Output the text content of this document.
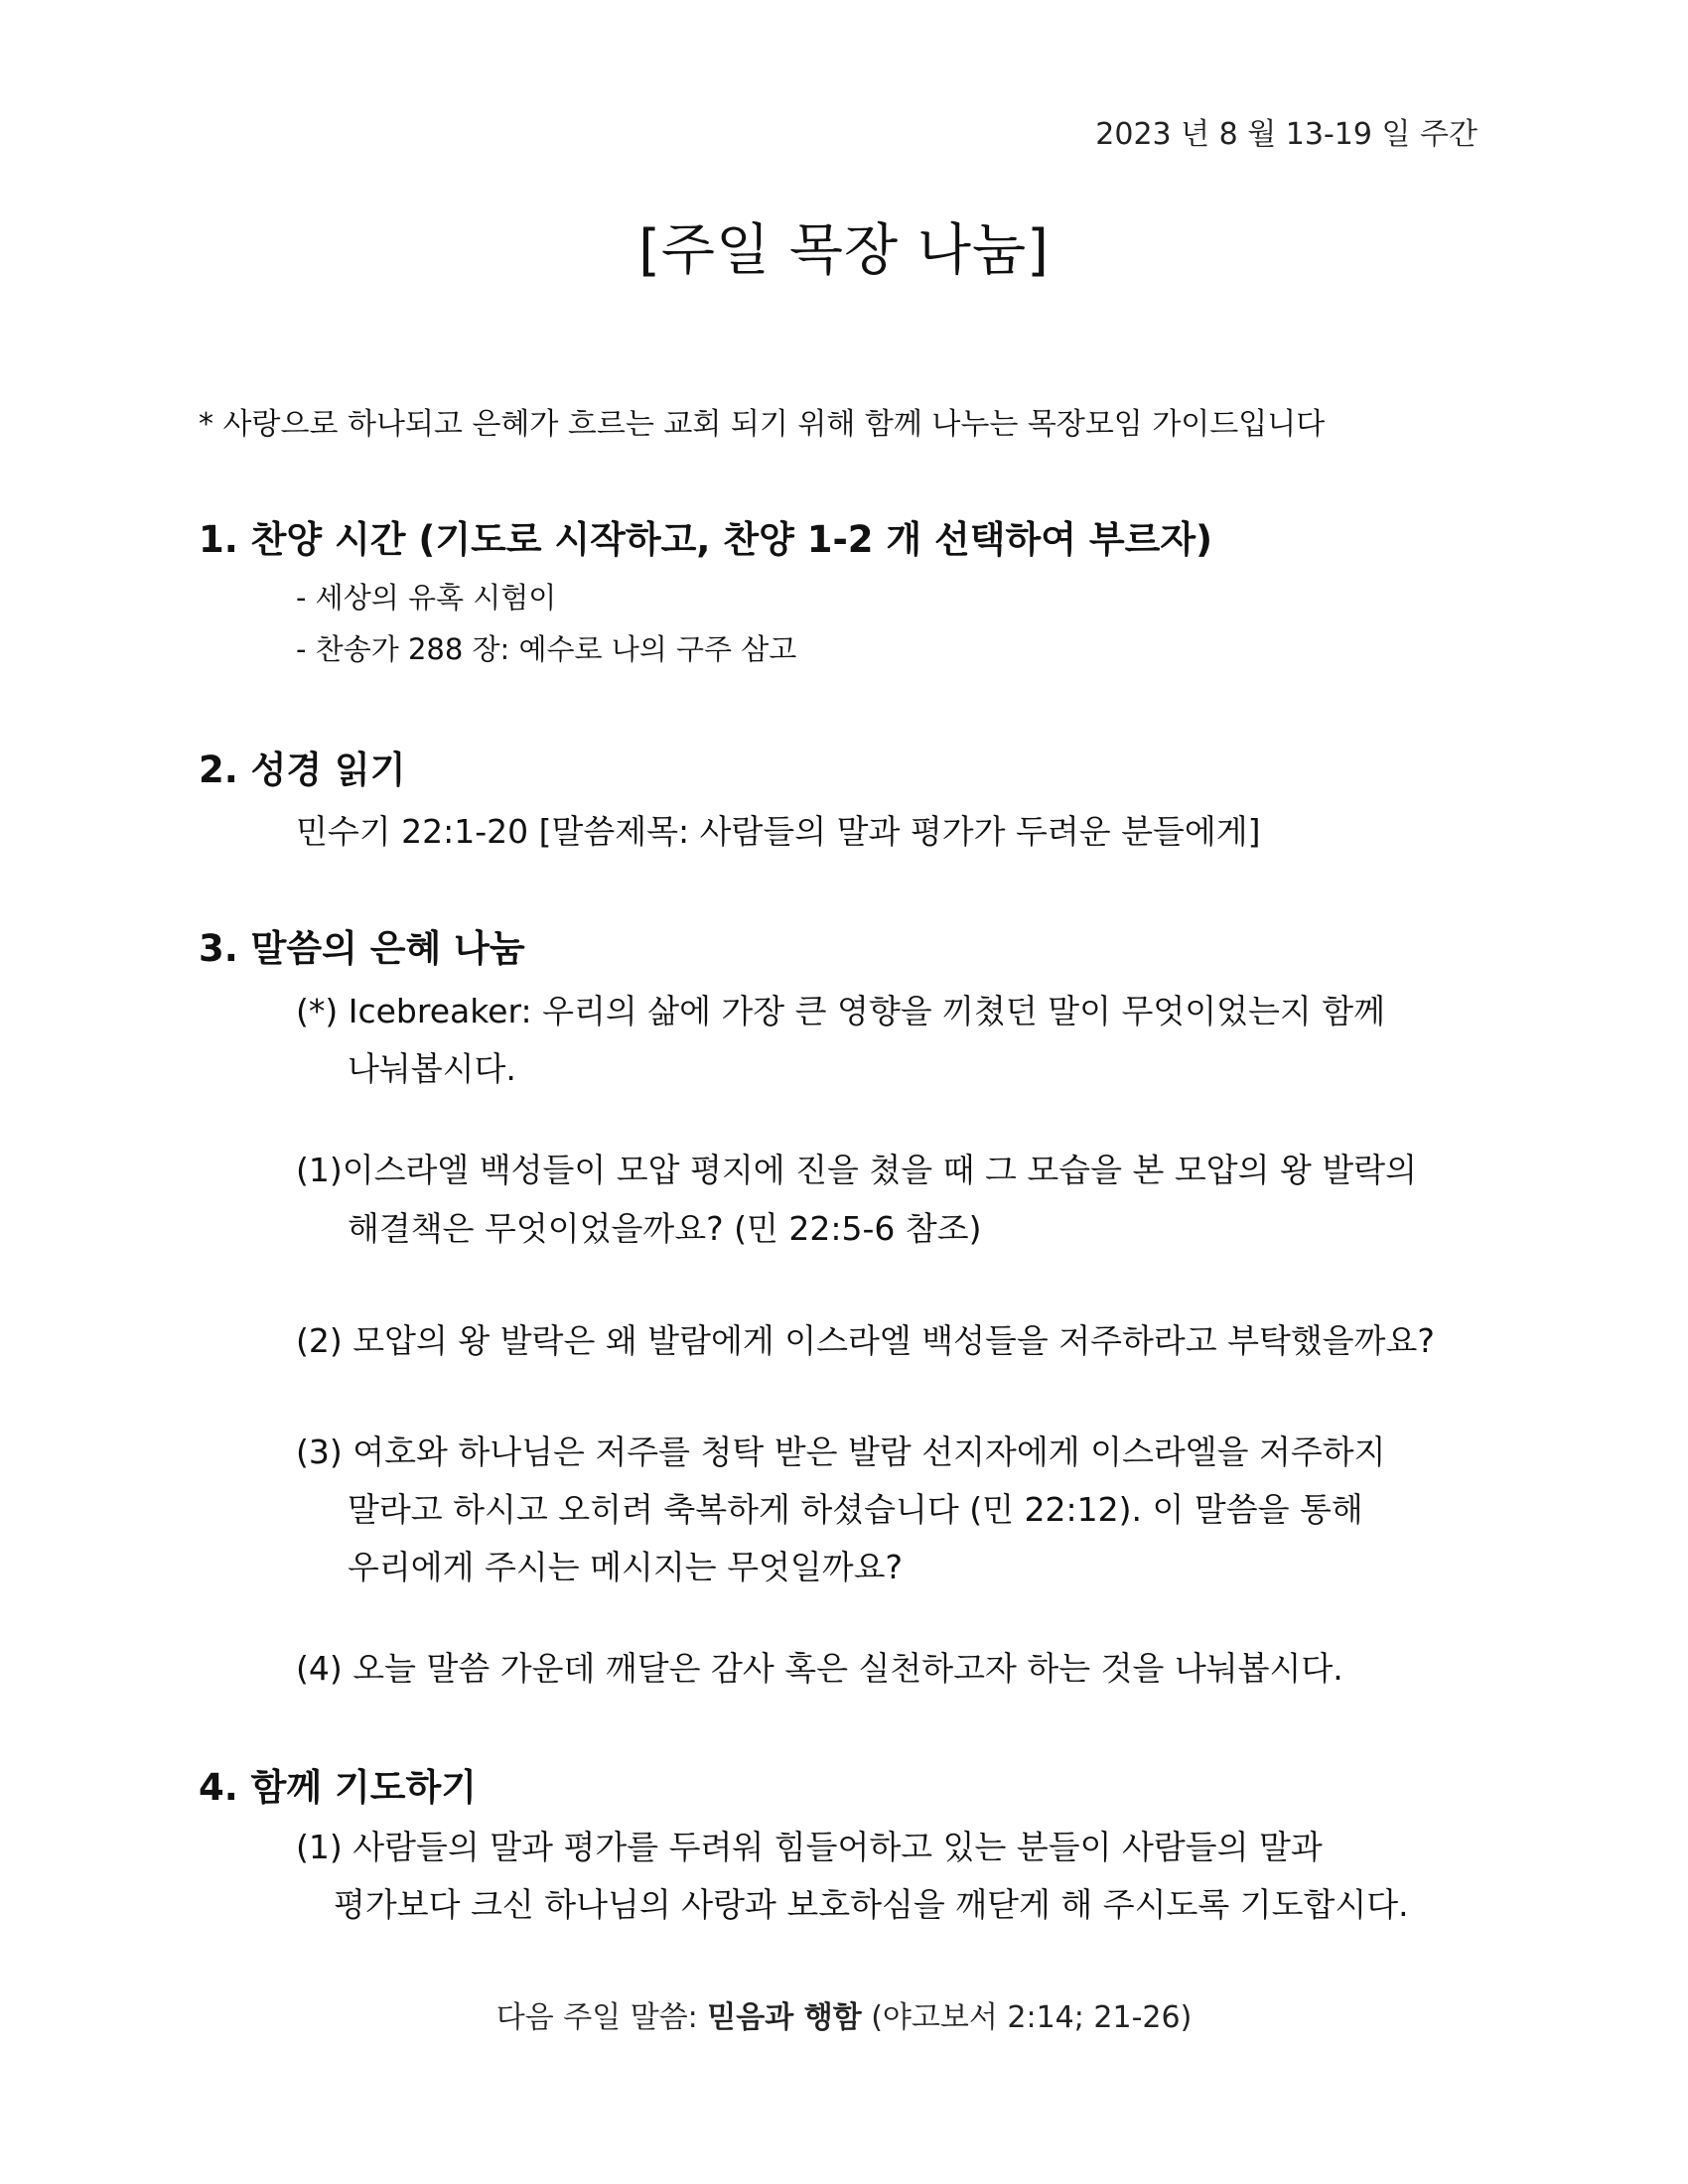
2023 년 8 월 13-19 일 주간
[주일 목장 나눔]
* 사랑으로 하나되고 은혜가 흐르는 교회 되기 위해 함께 나누는 목장모임 가이드입니다
1. 찬양 시간 (기도로 시작하고, 찬양 1-2 개 선택하여 부르자)
- 세상의 유혹 시험이
- 찬송가 288 장: 예수로 나의 구주 삼고
2. 성경 읽기
민수기 22:1-20 [말씀제목: 사람들의 말과 평가가 두려운 분들에게]
3. 말씀의 은혜 나눔
(*) Icebreaker: 우리의 삶에 가장 큰 영향을 끼쳤던 말이 무엇이었는지 함께
나눠봅시다.
(1)이스라엘 백성들이 모압 평지에 진을 쳤을 때 그 모습을 본 모압의 왕 발락의
해결책은 무엇이었을까요? (민 22:5-6 참조)
(2) 모압의 왕 발락은 왜 발람에게 이스라엘 백성들을 저주하라고 부탁했을까요?
(3) 여호와 하나님은 저주를 청탁 받은 발람 선지자에게 이스라엘을 저주하지
말라고 하시고 오히려 축복하게 하셨습니다 (민 22:12). 이 말씀을 통해
우리에게 주시는 메시지는 무엇일까요?
(4) 오늘 말씀 가운데 깨달은 감사 혹은 실천하고자 하는 것을 나눠봅시다.
4. 함께 기도하기
(1) 사람들의 말과 평가를 두려워 힘들어하고 있는 분들이 사람들의 말과
평가보다 크신 하나님의 사랑과 보호하심을 깨닫게 해 주시도록 기도합시다.
다음 주일 말씀: 믿음과 행함 (야고보서 2:14; 21-26)
